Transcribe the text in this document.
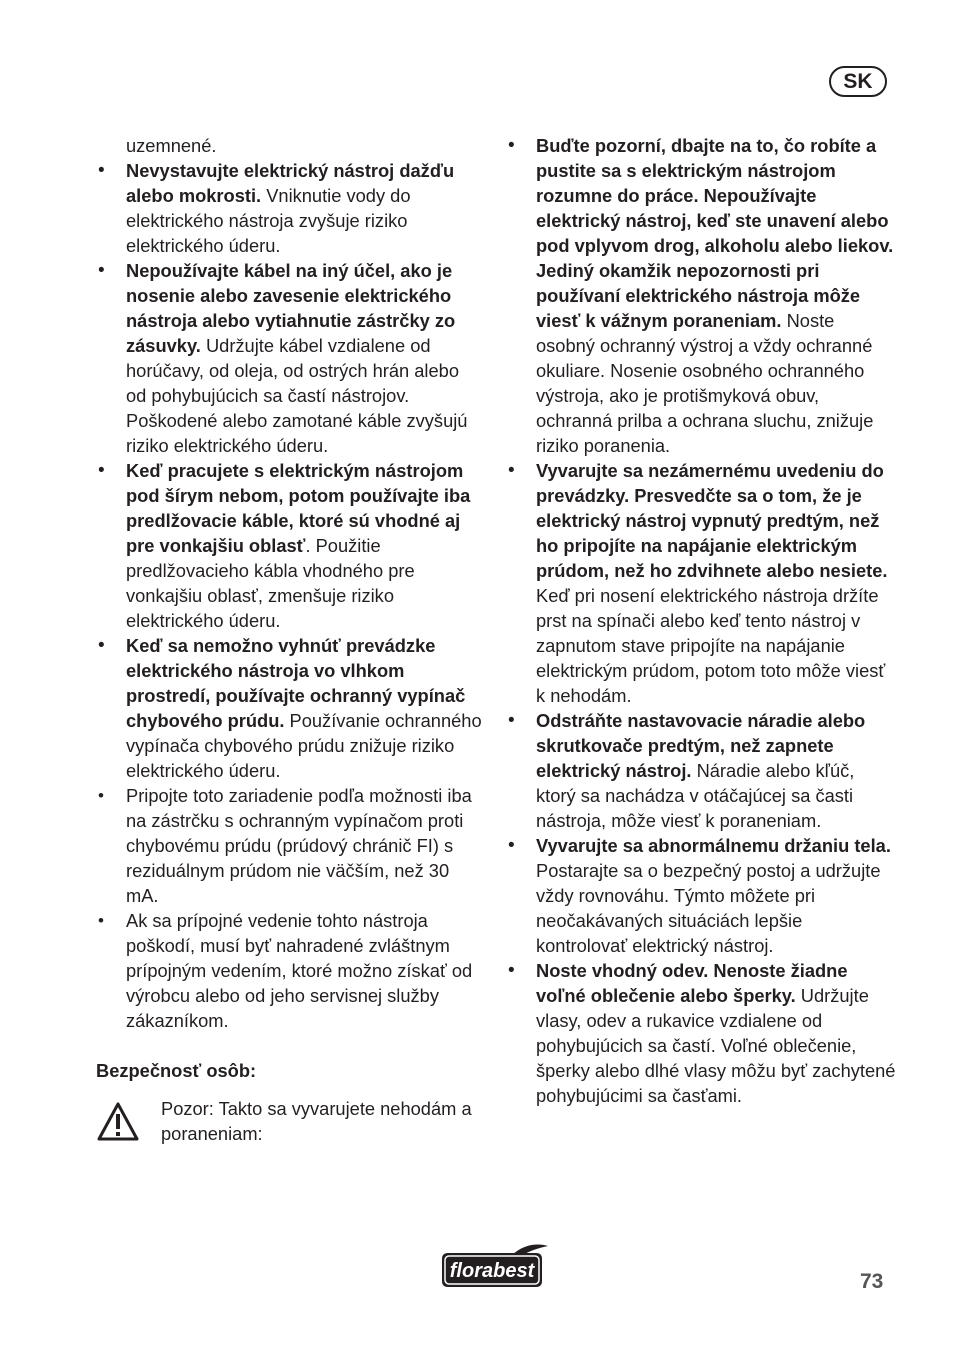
SK
uzemnené.
• Nevystavujte elektrický nástroj dažďu alebo mokrosti. Vniknutie vody do elektrického nástroja zvyšuje riziko elektrického úderu.
• Nepoužívajte kábel na iný účel, ako je nosenie alebo zavesenie elektrického nástroja alebo vytiahnutie zástrčky zo zásuvky. Udržujte kábel vzdialene od horúčavy, od oleja, od ostrých hrán alebo od pohybujúcich sa častí nástrojov.
Poškodené alebo zamotané káble zvyšujú riziko elektrického úderu.
• Keď pracujete s elektrickým nástrojom pod šírym nebom, potom používajte iba predlžovacie káble, ktoré sú vhodné aj pre vonkajšiu oblasť. Použitie predlžovacieho kábla vhodného pre vonkajšiu oblasť, zmenšuje riziko elektrického úderu.
• Keď sa nemožno vyhnúť prevádzke elektrického nástroja vo vlhkom prostredí, používajte ochranný vypínač chybového prúdu. Používanie ochranného vypínača chybového prúdu znižuje riziko elektrického úderu.
• Pripojte toto zariadenie podľa možnosti iba na zástrčku s ochranným vypínačom proti chybovému prúdu (prúdový chránič FI) s reziduálnym prúdom nie väčším, než 30 mA.
• Ak sa prípojné vedenie tohto nástroja poškodí, musí byť nahradené zvláštnym prípojným vedením, ktoré možno získať od výrobcu alebo od jeho servisnej služby zákazníkom.
Bezpečnosť osôb:
Pozor: Takto sa vyvarujete nehodám a poraneniam:
• Buďte pozorní, dbajte na to, čo robíte a pustite sa s elektrickým nástrojom rozumne do práce. Nepoužívajte elektrický nástroj, keď ste unavení alebo pod vplyvom drog, alkoholu alebo liekov. Jediný okamžik nepozornosti pri používaní elektrického nástroja môže viesť k vážnym poraneniam. Noste osobný ochranný výstroj a vždy ochranné okuliare. Nosenie osobného ochranného výstroja, ako je protišmyková obuv, ochranná prilba a ochrana sluchu, znižuje riziko poranenia.
• Vyvarujte sa nezámernému uvedeniu do prevádzky. Presvedčte sa o tom, že je elektrický nástroj vypnutý predtým, než ho pripojíte na napájanie elektrickým prúdom, než ho zdvihnete alebo nesiete. Keď pri nosení elektrického nástroja držíte prst na spínači alebo keď tento nástroj v zapnutom stave pripojíte na napájanie elektrickým prúdom, potom toto môže viesť k nehodám.
• Odstráňte nastavovacie náradie alebo skrutkovače predtým, než zapnete elektrický nástroj. Náradie alebo kľúč, ktorý sa nachádza v otáčajúcej sa časti nástroja, môže viesť k poraneniam.
• Vyvarujte sa abnormálnemu držaniu tela. Postarajte sa o bezpečný postoj a udržujte vždy rovnováhu. Týmto môžete pri neočakávaných situáciách lepšie kontrolovať elektrický nástroj.
• Noste vhodný odev. Nenoste žiadne voľné oblečenie alebo šperky. Udržujte vlasy, odev a rukavice vzdialene od pohybujúcich sa častí. Voľné oblečenie, šperky alebo dlhé vlasy môžu byť zachytené pohybujúcimi sa časťami.
florabest	73
